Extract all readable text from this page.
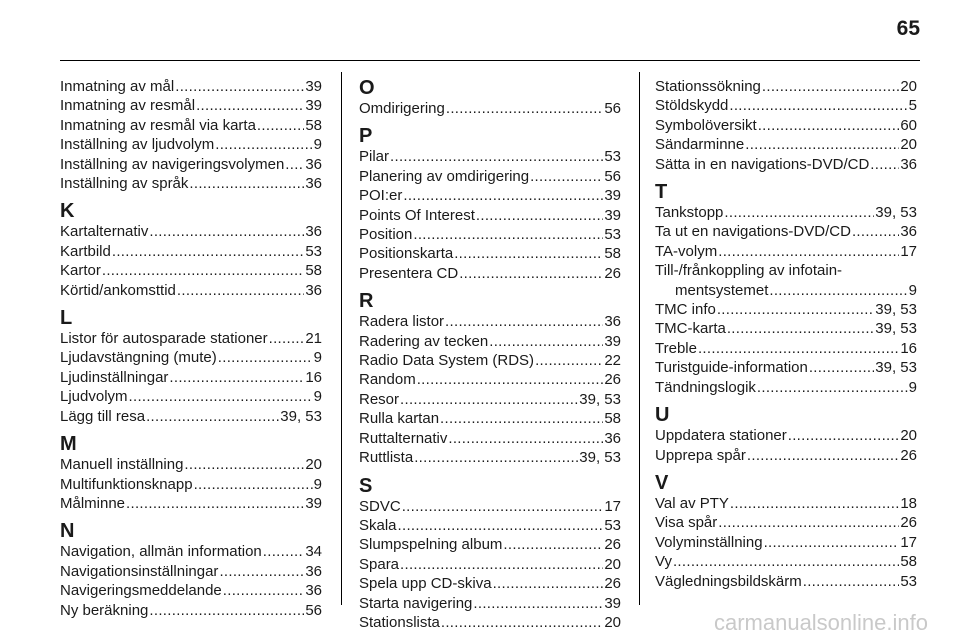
65
Inmatning av mål .....	39
Inmatning av resmål .....	39
Inmatning av resmål via karta .....	58
Inställning av ljudvolym .....	9
Inställning av navigeringsvolymen ..... 36
Inställning av språk .....	36
K
Kartalternativ .....	36
Kartbild .....	53
Kartor .....	58
Körtid/ankomsttid .....	36
L
Listor för autosparade stationer .....	21
Ljudavstängning (mute) .....	9
Ljudinställningar .....	16
Ljudvolym .....	9
Lägg till resa .....	39, 53
M
Manuell inställning .....	20
Multifunktionsknapp .....	9
Målminne .....	39
N
Navigation, allmän information .....	34
Navigationsinställningar .....	36
Navigeringsmeddelande .....	36
Ny beräkning .....	56
O
Omdirigering .....	56
P
Pilar .....	53
Planering av omdirigering .....	56
POI:er .....	39
Points Of Interest .....	39
Position .....	53
Positionskarta .....	58
Presentera CD .....	26
R
Radera listor .....	36
Radering av tecken .....	39
Radio Data System (RDS) .....	22
Random .....	26
Resor .....	39, 53
Rulla kartan .....	58
Ruttalternativ .....	36
Ruttlista .....	39, 53
S
SDVC .....	17
Skala .....	53
Slumpspelning album .....	26
Spara .....	20
Spela upp CD-skiva .....	26
Starta navigering .....	39
Stationslista .....	20
Stationssökning .....	20
Stöldskydd .....	5
Symbolöversikt .....	60
Sändarminne .....	20
Sätta in en navigations-DVD/CD ..... 36
T
Tankstopp .....	39, 53
Ta ut en navigations-DVD/CD .....	36
TA-volym .....	17
Till-/frånkoppling av infotain-
mentsystemet .....	9
TMC info .....	39, 53
TMC-karta .....	39, 53
Treble .....	16
Turistguide-information .....	39, 53
Tändningslogik .....	9
U
Uppdatera stationer .....	20
Upprepa spår .....	26
V
Val av PTY .....	18
Visa spår .....	26
Volyminställning .....	17
Vy .....	58
Vägledningsbildskärm .....	53
carmanualsonline.info
